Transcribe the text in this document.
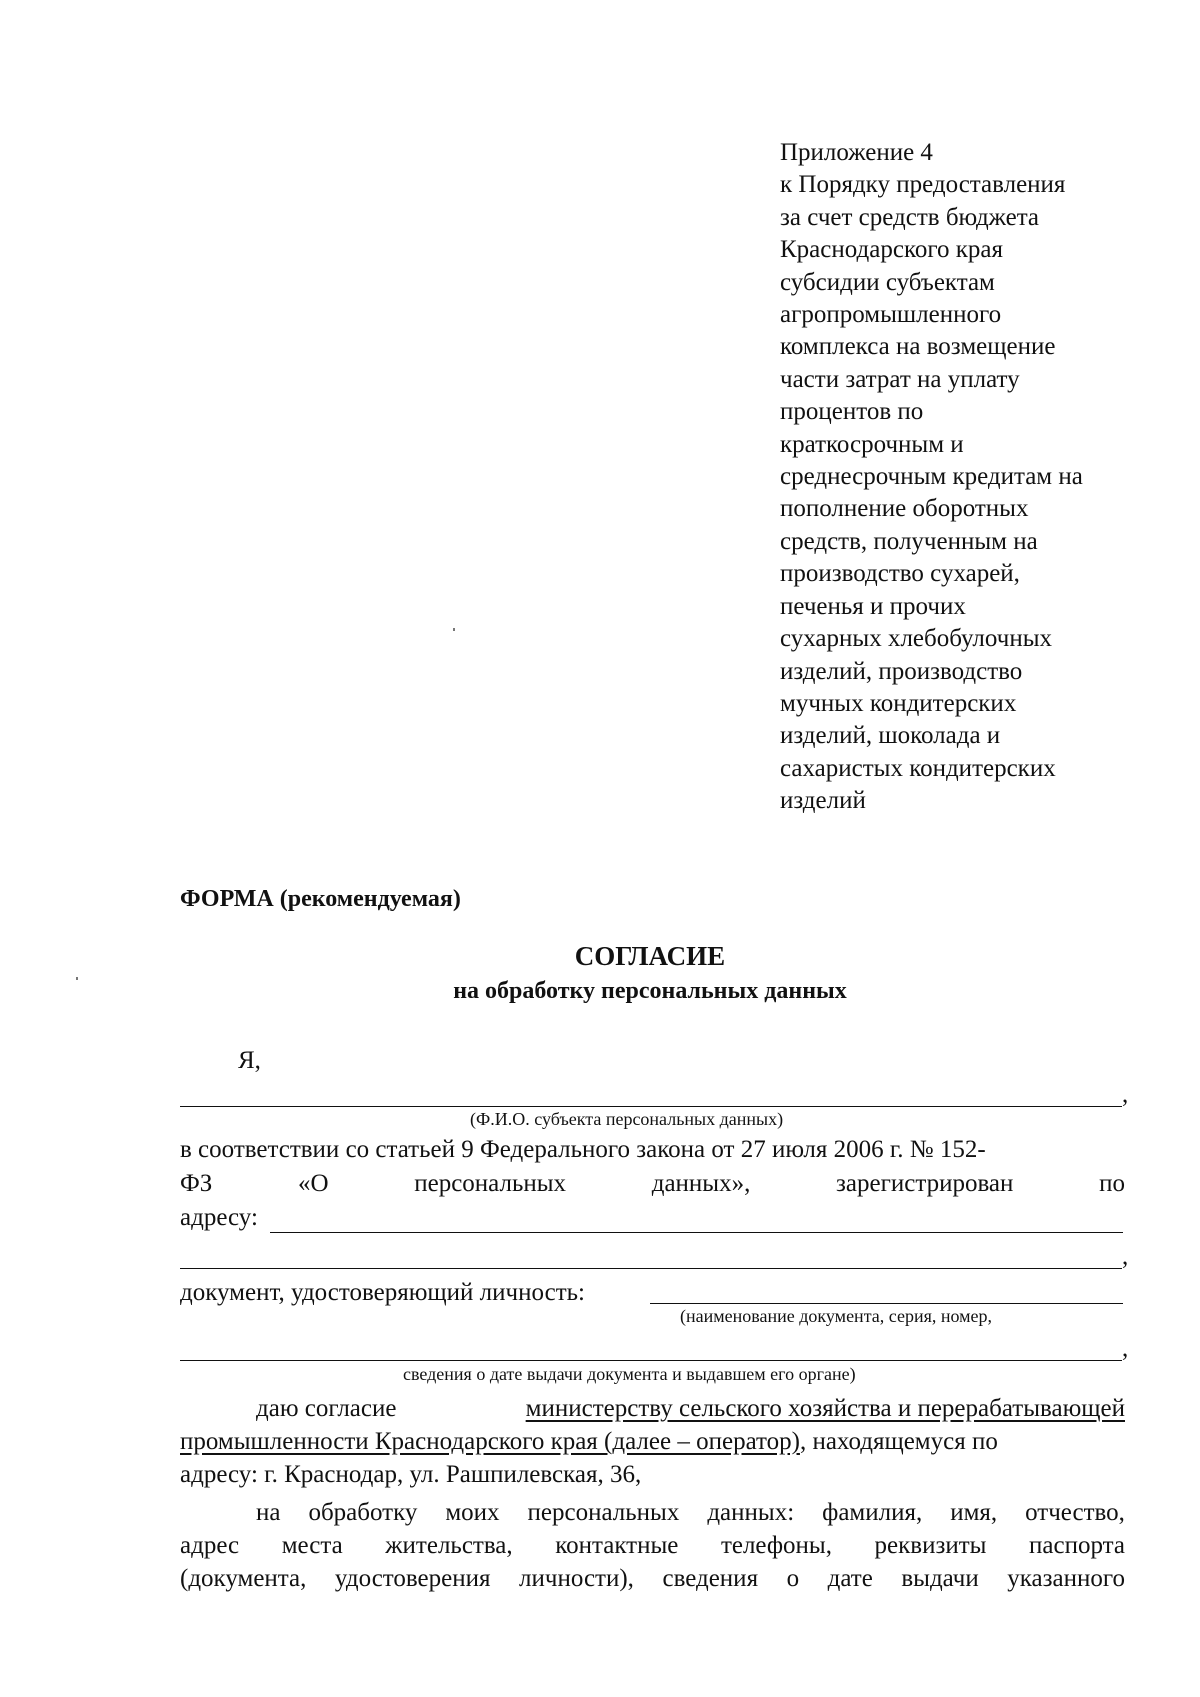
Приложение 4
к Порядку предоставления
за счет средств бюджета
Краснодарского края
субсидии субъектам
агропромышленного
комплекса на возмещение
части затрат на уплату
процентов по
краткосрочным и
среднесрочным кредитам на
пополнение оборотных
средств, полученным на
производство сухарей,
печенья и прочих
сухарных хлебобулочных
изделий, производство
мучных кондитерских
изделий, шоколада и
сахаристых кондитерских
изделий
ФОРМА (рекомендуемая)
СОГЛАСИЕ
на обработку персональных данных
Я,
,
(Ф.И.О. субъекта персональных данных)
в соответствии со статьей 9 Федерального закона от 27 июля 2006 г. № 152-
ФЗ	«О	персональных	данных»,	зарегистрирован	по
адресу:
,
документ, удостоверяющий личность:
(наименование документа, серия, номер,
,
сведения о дате выдачи документа и выдавшем его органе)
даю согласие	министерству сельского хозяйства и перерабатывающей
промышленности Краснодарского края (далее – оператор), находящемуся по
адресу: г. Краснодар, ул. Рашпилевская, 36,
на обработку моих персональных данных: фамилия, имя, отчество,
адрес места жительства, контактные телефоны, реквизиты паспорта
(документа, удостоверения личности), сведения о дате выдачи указанного
